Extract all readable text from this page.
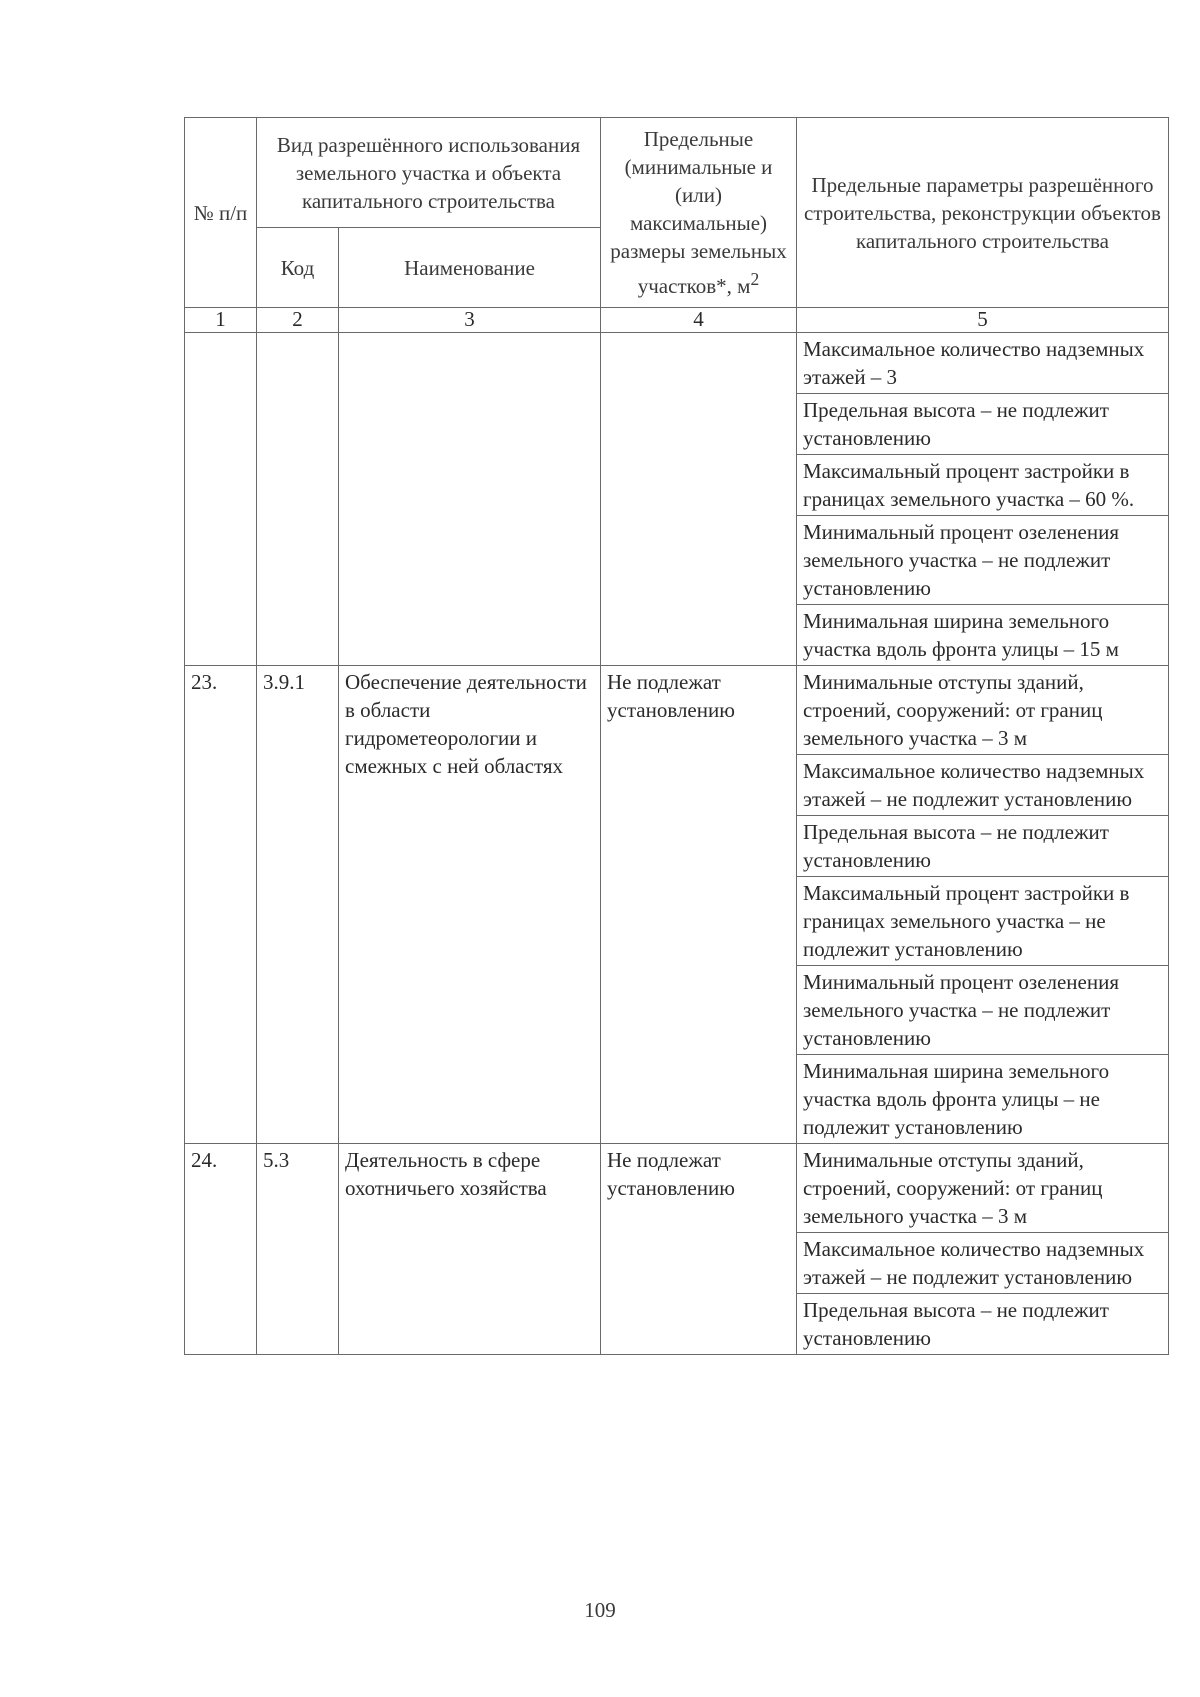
№ п/п	Вид разрешённого использования земельного участка и объекта капитального строительства		Предельные (минимальные и (или) максимальные) размеры земельных участков*, $м^2$	Предельные параметры разрешённого строительства, реконструкции объектов капитального строительства
	Код	Наименование		
1	2	3	4	5
				Максимальное количество надземных этажей – 3
				Предельная высота – не подлежит установлению
				Максимальный процент застройки в границах земельного участка – 60 %.
				Минимальный процент озеленения земельного участка – не подлежит установлению
				Минимальная ширина земельного участка вдоль фронта улицы – 15 м
23.	3.9.1	Обеспечение деятельности в области гидрометеорологии и смежных с ней областях	Не подлежат установлению	Минимальные отступы зданий, строений, сооружений: от границ земельного участка – 3 м
				Максимальное количество надземных этажей – не подлежит установлению
				Предельная высота – не подлежит установлению
				Максимальный процент застройки в границах земельного участка – не подлежит установлению
				Минимальный процент озеленения земельного участка – не подлежит установлению
				Минимальная ширина земельного участка вдоль фронта улицы – не подлежит установлению
24.	5.3	Деятельность в сфере охотничьего хозяйства	Не подлежат установлению	Минимальные отступы зданий, строений, сооружений: от границ земельного участка – 3 м
				Максимальное количество надземных этажей – не подлежит установлению
				Предельная высота – не подлежит установлению
109
